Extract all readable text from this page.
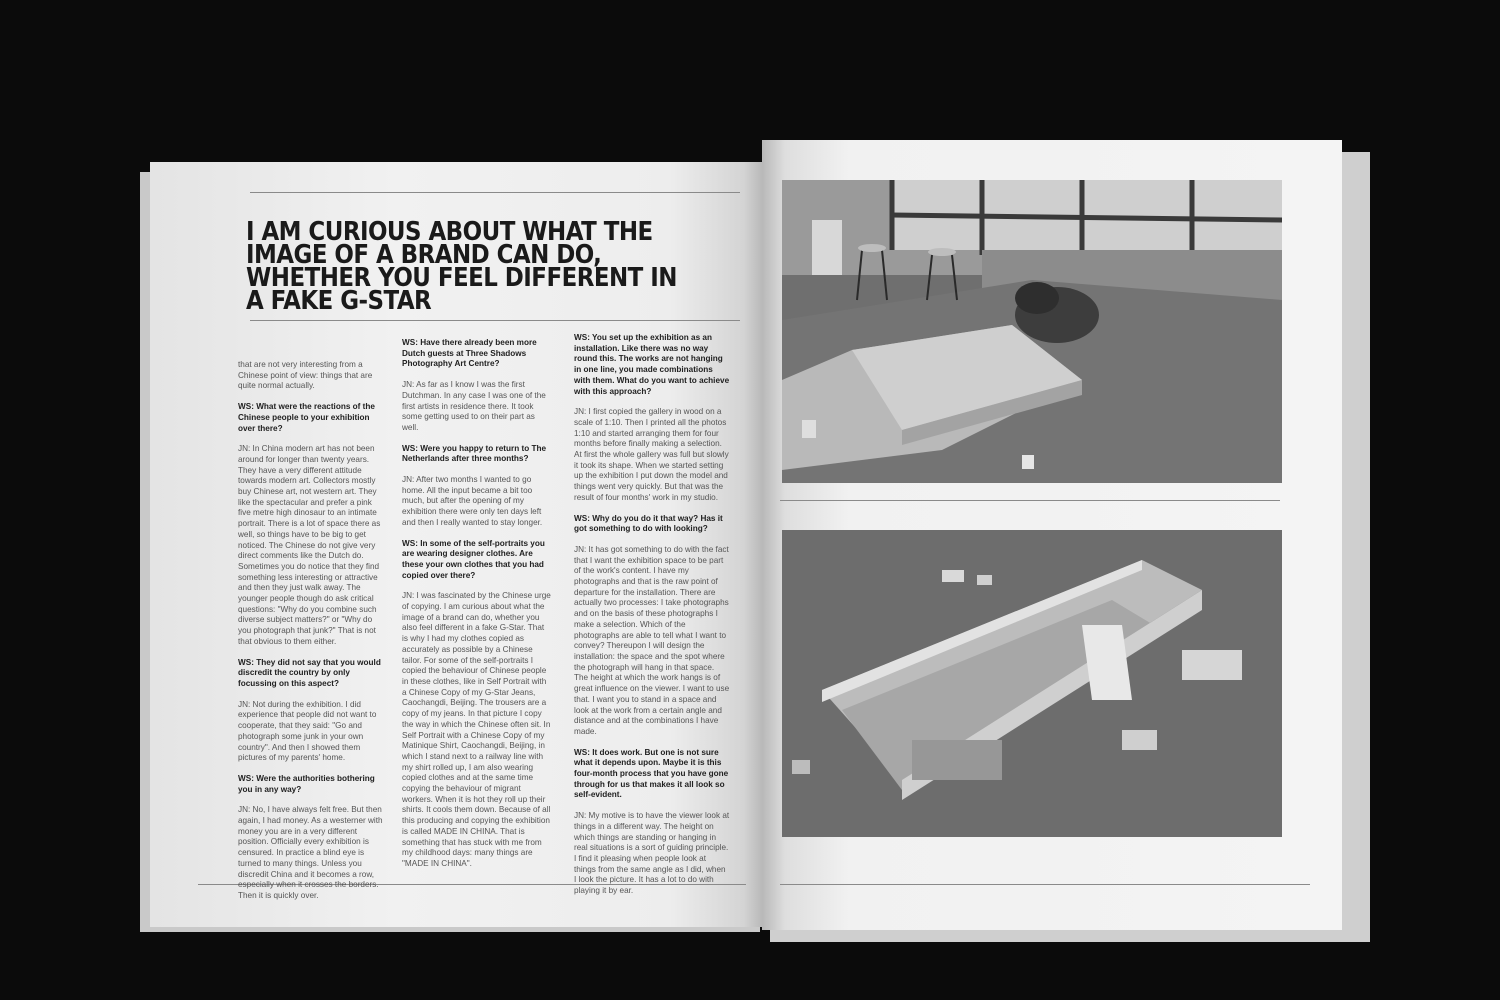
I AM CURIOUS ABOUT WHAT THE IMAGE OF A BRAND CAN DO, WHETHER YOU FEEL DIFFERENT IN A FAKE G-STAR

that are not very interesting from a Chinese point of view: things that are quite normal actually.

WS: What were the reactions of the Chinese people to your exhibition over there?

JN: In China modern art has not been around for longer than twenty years. They have a very different attitude towards modern art. Collectors mostly buy Chinese art, not western art. They like the spectacular and prefer a pink five metre high dinosaur to an intimate portrait. There is a lot of space there as well, so things have to be big to get noticed. The Chinese do not give very direct comments like the Dutch do. Sometimes you do notice that they find something less interesting or attractive and then they just walk away. The younger people though do ask critical questions: "Why do you combine such diverse subject matters?" or "Why do you photograph that junk?" That is not that obvious to them either.

WS: They did not say that you would discredit the country by only focussing on this aspect?

JN: Not during the exhibition. I did experience that people did not want to cooperate, that they said: "Go and photograph some junk in your own country". And then I showed them pictures of my parents' home.

WS: Were the authorities bothering you in any way?

JN: No, I have always felt free. But then again, I had money. As a westerner with money you are in a very different position. Officially every exhibition is censured. In practice a blind eye is turned to many things. Unless you discredit China and it becomes a row, especially when it crosses the borders. Then it is quickly over.

WS: Have there already been more Dutch guests at Three Shadows Photography Art Centre?

JN: As far as I know I was the first Dutchman. In any case I was one of the first artists in residence there. It took some getting used to on their part as well.

WS: Were you happy to return to The Netherlands after three months?

JN: After two months I wanted to go home. All the input became a bit too much, but after the opening of my exhibition there were only ten days left and then I really wanted to stay longer.

WS: In some of the self-portraits you are wearing designer clothes. Are these your own clothes that you had copied over there?

JN: I was fascinated by the Chinese urge of copying. I am curious about what the image of a brand can do, whether you also feel different in a fake G-Star. That is why I had my clothes copied as accurately as possible by a Chinese tailor. For some of the self-portraits I copied the behaviour of Chinese people in these clothes, like in Self Portrait with a Chinese Copy of my G-Star Jeans, Caochangdi, Beijing. The trousers are a copy of my jeans. In that picture I copy the way in which the Chinese often sit. In Self Portrait with a Chinese Copy of my Matinique Shirt, Caochangdi, Beijing, in which I stand next to a railway line with my shirt rolled up, I am also wearing copied clothes and at the same time copying the behaviour of migrant workers. When it is hot they roll up their shirts. It cools them down. Because of all this producing and copying the exhibition is called MADE IN CHINA. That is something that has stuck with me from my childhood days: many things are "MADE IN CHINA".

WS: You set up the exhibition as an installation. Like there was no way round this. The works are not hanging in one line, you made combinations with them. What do you want to achieve with this approach?

JN: I first copied the gallery in wood on a scale of 1:10. Then I printed all the photos 1:10 and started arranging them for four months before finally making a selection. At first the whole gallery was full but slowly it took its shape. When we started setting up the exhibition I put down the model and things went very quickly. But that was the result of four months' work in my studio.

WS: Why do you do it that way? Has it got something to do with looking?

JN: It has got something to do with the fact that I want the exhibition space to be part of the work's content. I have my photographs and that is the raw point of departure for the installation. There are actually two processes: I take photographs and on the basis of these photographs I make a selection. Which of the photographs are able to tell what I want to convey? Thereupon I will design the installation: the space and the spot where the photograph will hang in that space. The height at which the work hangs is of great influence on the viewer. I want to use that. I want you to stand in a space and look at the work from a certain angle and distance and at the combinations I have made.

WS: It does work. But one is not sure what it depends upon. Maybe it is this four-month process that you have gone through for us that makes it all look so self-evident.

JN: My motive is to have the viewer look at things in a different way. The height on which things are standing or hanging in real situations is a sort of guiding principle. I find it pleasing when people look at things from the same angle as I did, when I look the picture. It has a lot to do with playing it by ear.
